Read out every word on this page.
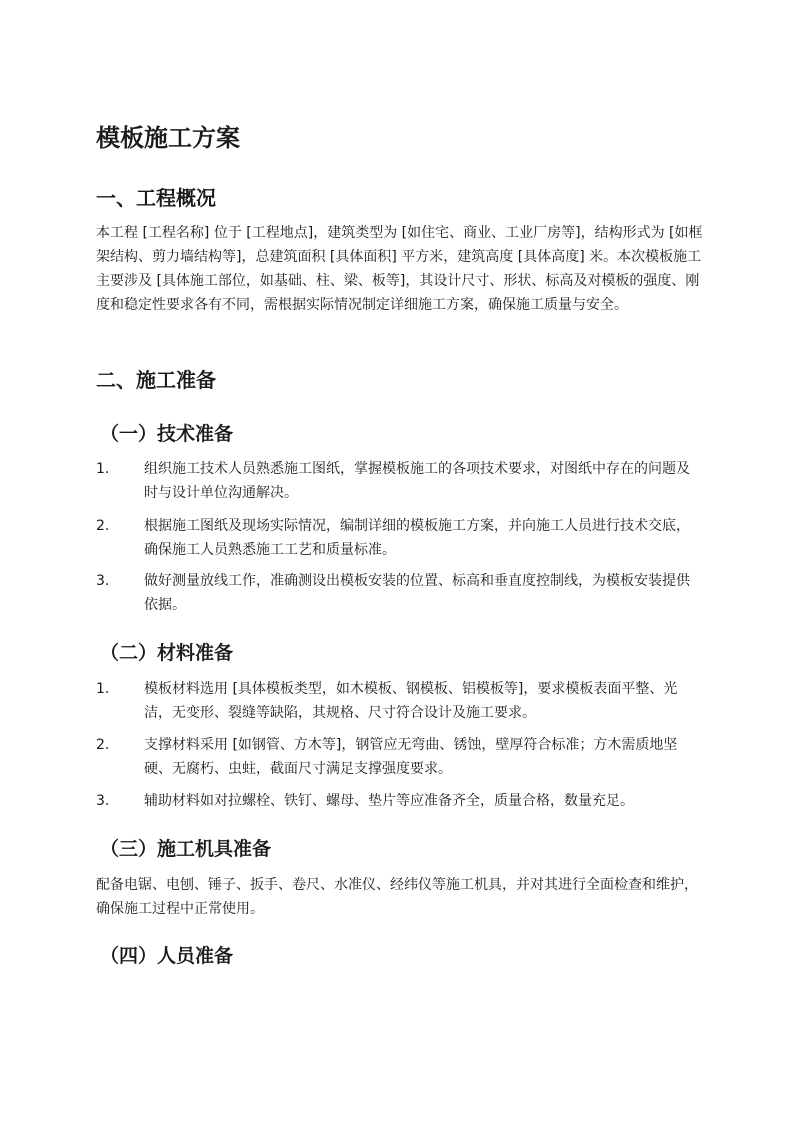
模板施工方案
一、工程概况

本工程 [工程名称] 位于 [工程地点]，建筑类型为 [如住宅、商业、工业厂房等]，结构形式为 [如框架结构、剪力墙结构等]，总建筑面积 [具体面积] 平方米，建筑高度 [具体高度] 米。本次模板施工主要涉及 [具体施工部位，如基础、柱、梁、板等]，其设计尺寸、形状、标高及对模板的强度、刚度和稳定性要求各有不同，需根据实际情况制定详细施工方案，确保施工质量与安全。

二、施工准备
（一）技术准备
1. 组织施工技术人员熟悉施工图纸，掌握模板施工的各项技术要求，对图纸中存在的问题及时与设计单位沟通解决。

2. 根据施工图纸及现场实际情况，编制详细的模板施工方案，并向施工人员进行技术交底，确保施工人员熟悉施工工艺和质量标准。

3. 做好测量放线工作，准确测设出模板安装的位置、标高和垂直度控制线，为模板安装提供依据。

（二）材料准备
1. 模板材料选用 [具体模板类型，如木模板、钢模板、铝模板等]，要求模板表面平整、光洁，无变形、裂缝等缺陷，其规格、尺寸符合设计及施工要求。

2. 支撑材料采用 [如钢管、方木等]，钢管应无弯曲、锈蚀，壁厚符合标准；方木需质地坚硬、无腐朽、虫蛀，截面尺寸满足支撑强度要求。

3. 辅助材料如对拉螺栓、铁钉、螺母、垫片等应准备齐全，质量合格，数量充足。

（三）施工机具准备

配备电锯、电刨、锤子、扳手、卷尺、水准仪、经纬仪等施工机具，并对其进行全面检查和维护，确保施工过程中正常使用。

（四）人员准备
